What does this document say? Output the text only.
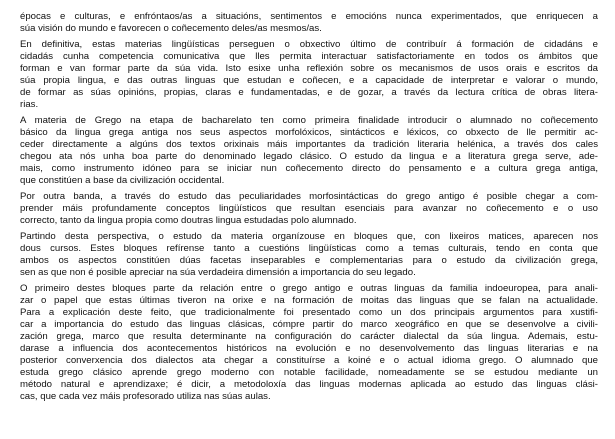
épocas e culturas, e enfróntaos/as a situacións, sentimentos e emocións nunca experimentados, que enriquecen a
súa visión do mundo e favorecen o coñecemento deles/as mesmos/as.
En definitiva, estas materias lingüísticas perseguen o obxectivo último de contribuír á formación de cidadáns e
cidadás cunha competencia comunicativa que lles permita interactuar satisfactoriamente en todos os ámbitos que
forman e van formar parte da súa vida. Isto esixe unha reflexión sobre os mecanismos de usos orais e escritos da
súa propia lingua, e das outras linguas que estudan e coñecen, e a capacidade de interpretar e valorar o mundo,
de formar as súas opinións, propias, claras e fundamentadas, e de gozar, a través da lectura crítica de obras litera-
rias.
A materia de Grego na etapa de bacharelato ten como primeira finalidade introducir o alumnado no coñecemento
básico da lingua grega antiga nos seus aspectos morfolóxicos, sintácticos e léxicos, co obxecto de lle permitir ac-
ceder directamente a algúns dos textos orixinais máis importantes da tradición literaria helénica, a través dos cales
chegou ata nós unha boa parte do denominado legado clásico. O estudo da lingua e a literatura grega serve, ade-
mais, como instrumento idóneo para se iniciar nun coñecemento directo do pensamento e a cultura grega antiga,
que constitúen a base da civilización occidental.
Por outra banda, a través do estudo das peculiaridades morfosintácticas do grego antigo é posible chegar a com-
prender máis profundamente conceptos lingüísticos que resultan esenciais para avanzar no coñecemento e o uso
correcto, tanto da lingua propia como doutras lingua estudadas polo alumnado.
Partindo desta perspectiva, o estudo da materia organízouse en bloques que, con lixeiros matices, aparecen nos
dous cursos. Estes bloques refírense tanto a cuestións lingüísticas como a temas culturais, tendo en conta que
ambos os aspectos constitúen dúas facetas inseparables e complementarias para o estudo da civilización grega,
sen as que non é posible apreciar na súa verdadeira dimensión a importancia do seu legado.
O primeiro destes bloques parte da relación entre o grego antigo e outras linguas da familia indoeuropea, para anali-
zar o papel que estas últimas tiveron na orixe e na formación de moitas das linguas que se falan na actualidade.
Para a explicación deste feito, que tradicionalmente foi presentado como un dos principais argumentos para xustifi-
car a importancia do estudo das linguas clásicas, cómpre partir do marco xeográfico en que se desenvolve a civili-
zación grega, marco que resulta determinante na configuración do carácter dialectal da súa lingua. Ademais, estu-
darase a influencia dos acontecementos históricos na evolución e no desenvolvemento das linguas literarias e na
posterior converxencia dos dialectos ata chegar a constituírse a koiné e o actual idioma grego. O alumnado que
estuda grego clásico aprende grego moderno con notable facilidade, nomeadamente se se estudou mediante un
método natural e aprendizaxe; é dicir, a metodoloxía das linguas modernas aplicada ao estudo das linguas clási-
cas, que cada vez máis profesorado utiliza nas súas aulas.
